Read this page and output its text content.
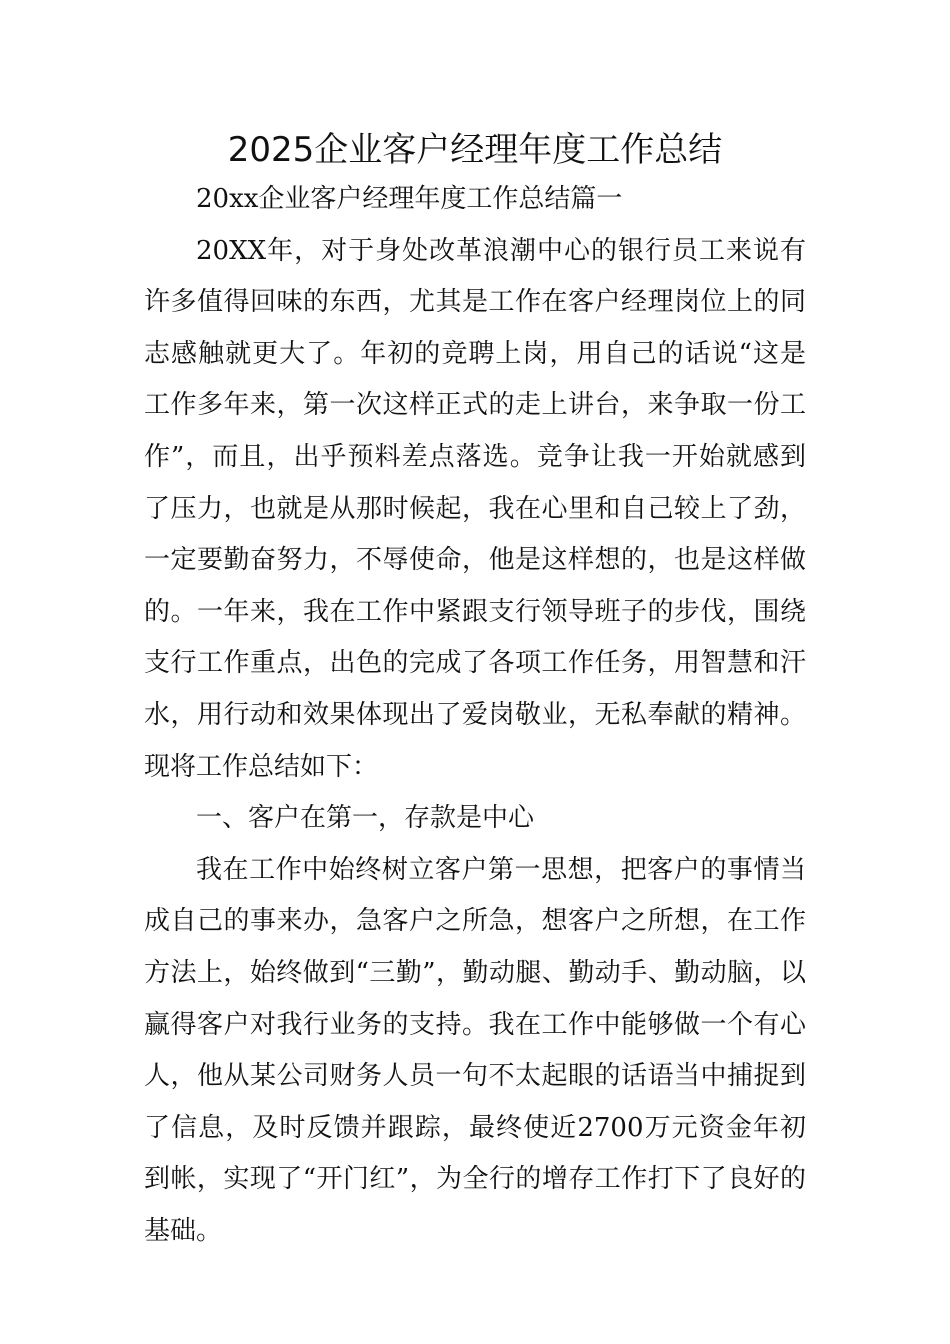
2025企业客户经理年度工作总结

20xx企业客户经理年度工作总结篇一

20XX年，对于身处改革浪潮中心的银行员工来说有许多值得回味的东西，尤其是工作在客户经理岗位上的同志感触就更大了。年初的竞聘上岗，用自己的话说“这是工作多年来，第一次这样正式的走上讲台，来争取一份工作”，而且，出乎预料差点落选。竞争让我一开始就感到了压力，也就是从那时候起，我在心里和自己较上了劲，一定要勤奋努力，不辱使命，他是这样想的，也是这样做的。一年来，我在工作中紧跟支行领导班子的步伐，围绕支行工作重点，出色的完成了各项工作任务，用智慧和汗水，用行动和效果体现出了爱岗敬业，无私奉献的精神。现将工作总结如下：

一、客户在第一，存款是中心

我在工作中始终树立客户第一思想，把客户的事情当成自己的事来办，急客户之所急，想客户之所想，在工作方法上，始终做到“三勤”，勤动腿、勤动手、勤动脑，以赢得客户对我行业务的支持。我在工作中能够做一个有心人，他从某公司财务人员一句不太起眼的话语当中捕捉到了信息，及时反馈并跟踪，最终使近2700万元资金年初到帐，实现了“开门红”，为全行的增存工作打下了良好的基础。
